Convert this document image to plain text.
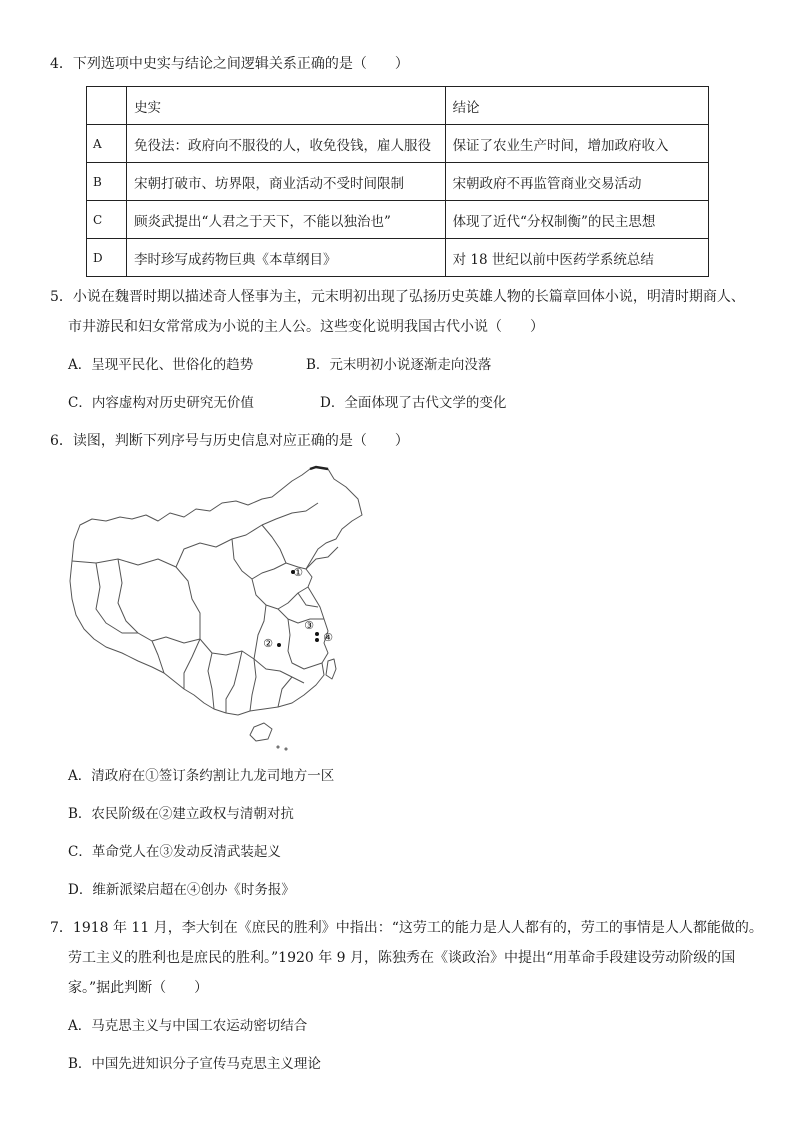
4．下列选项中史实与结论之间逻辑关系正确的是（　　）
	史实	结论
A	免役法：政府向不服役的人，收免役钱，雇人服役	保证了农业生产时间，增加政府收入
B	宋朝打破市、坊界限，商业活动不受时间限制	宋朝政府不再监管商业交易活动
C	顾炎武提出“人君之于天下，不能以独治也”	体现了近代“分权制衡”的民主思想
D	李时珍写成药物巨典《本草纲目》	对 18 世纪以前中医药学系统总结
5．小说在魏晋时期以描述奇人怪事为主，元末明初出现了弘扬历史英雄人物的长篇章回体小说，明清时期商人、
市井游民和妇女常常成为小说的主人公。这些变化说明我国古代小说（　　）
A．呈现平民化、世俗化的趋势	B．元末明初小说逐渐走向没落
C．内容虚构对历史研究无价值	D．全面体现了古代文学的变化
6．读图，判断下列序号与历史信息对应正确的是（　　）
①
②
③
④
A．清政府在①签订条约割让九龙司地方一区
B．农民阶级在②建立政权与清朝对抗
C．革命党人在③发动反清武装起义
D．维新派梁启超在④创办《时务报》
7．1918 年 11 月，李大钊在《庶民的胜利》中指出：“这劳工的能力是人人都有的，劳工的事情是人人都能做的。
劳工主义的胜利也是庶民的胜利。”1920 年 9 月，陈独秀在《谈政治》中提出“用革命手段建设劳动阶级的国
家。”据此判断（　　）
A．马克思主义与中国工农运动密切结合
B．中国先进知识分子宣传马克思主义理论
